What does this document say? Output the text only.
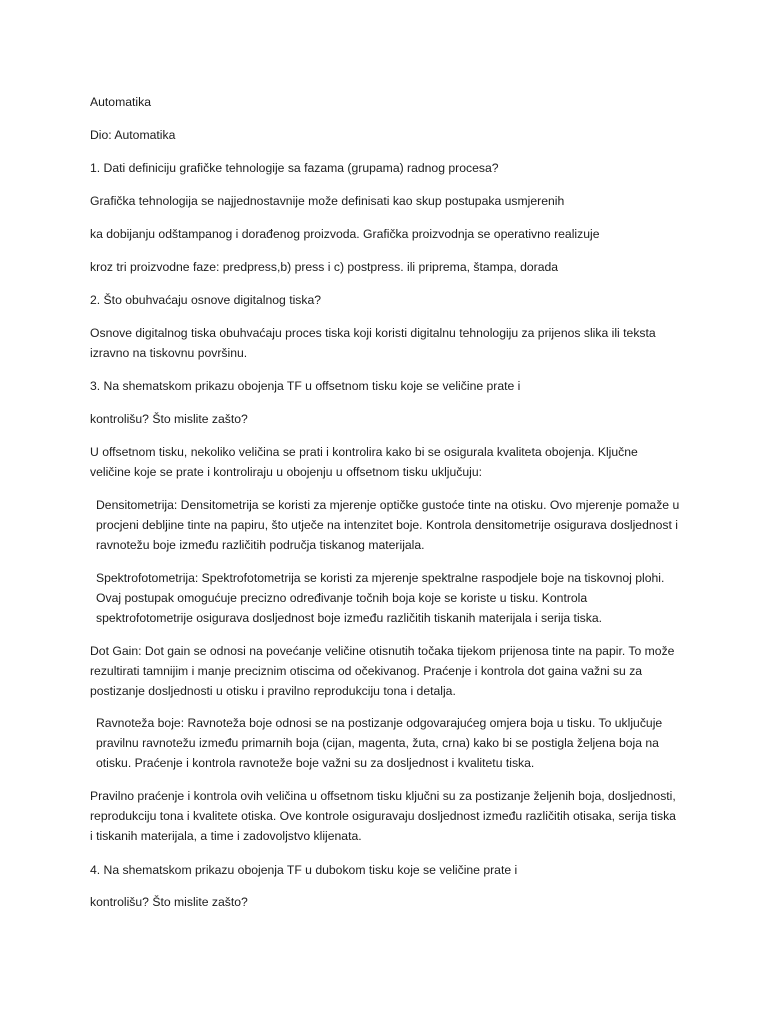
Automatika

Dio: Automatika

1. Dati definiciju grafičke tehnologije sa fazama (grupama) radnog procesa?

Grafička tehnologija se najjednostavnije može definisati kao skup postupaka usmjerenih

ka dobijanju odštampanog i dorađenog proizvoda. Grafička proizvodnja se operativno realizuje

kroz tri proizvodne faze: predpress,b) press i c) postpress. ili priprema, štampa, dorada

2. Što obuhvaćaju osnove digitalnog tiska?

Osnove digitalnog tiska obuhvaćaju proces tiska koji koristi digitalnu tehnologiju za prijenos slika ili teksta izravno na tiskovnu površinu.

3. Na shematskom prikazu obojenja TF u offsetnom tisku koje se veličine prate i

kontrolišu? Što mislite zašto?

U offsetnom tisku, nekoliko veličina se prati i kontrolira kako bi se osigurala kvaliteta obojenja. Ključne veličine koje se prate i kontroliraju u obojenju u offsetnom tisku uključuju:

Densitometrija: Densitometrija se koristi za mjerenje optičke gustoće tinte na otisku. Ovo mjerenje pomaže u procjeni debljine tinte na papiru, što utječe na intenzitet boje. Kontrola densitometrije osigurava dosljednost i ravnotežu boje između različitih područja tiskanog materijala.

Spektrofotometrija: Spektrofotometrija se koristi za mjerenje spektralne raspodjele boje na tiskovnoj plohi. Ovaj postupak omogućuje precizno određivanje točnih boja koje se koriste u tisku. Kontrola spektrofotometrije osigurava dosljednost boje između različitih tiskanih materijala i serija tiska.

Dot Gain: Dot gain se odnosi na povećanje veličine otisnutih točaka tijekom prijenosa tinte na papir. To može rezultirati tamnijim i manje preciznim otiscima od očekivanog. Praćenje i kontrola dot gaina važni su za postizanje dosljednosti u otisku i pravilno reprodukciju tona i detalja.

Ravnoteža boje: Ravnoteža boje odnosi se na postizanje odgovarajućeg omjera boja u tisku. To uključuje pravilnu ravnotežu između primarnih boja (cijan, magenta, žuta, crna) kako bi se postigla željena boja na otisku. Praćenje i kontrola ravnoteže boje važni su za dosljednost i kvalitetu tiska.

Pravilno praćenje i kontrola ovih veličina u offsetnom tisku ključni su za postizanje željenih boja, dosljednosti, reprodukciju tona i kvalitete otiska. Ove kontrole osiguravaju dosljednost između različitih otisaka, serija tiska i tiskanih materijala, a time i zadovoljstvo klijenata.

4. Na shematskom prikazu obojenja TF u dubokom tisku koje se veličine prate i

kontrolišu? Što mislite zašto?
